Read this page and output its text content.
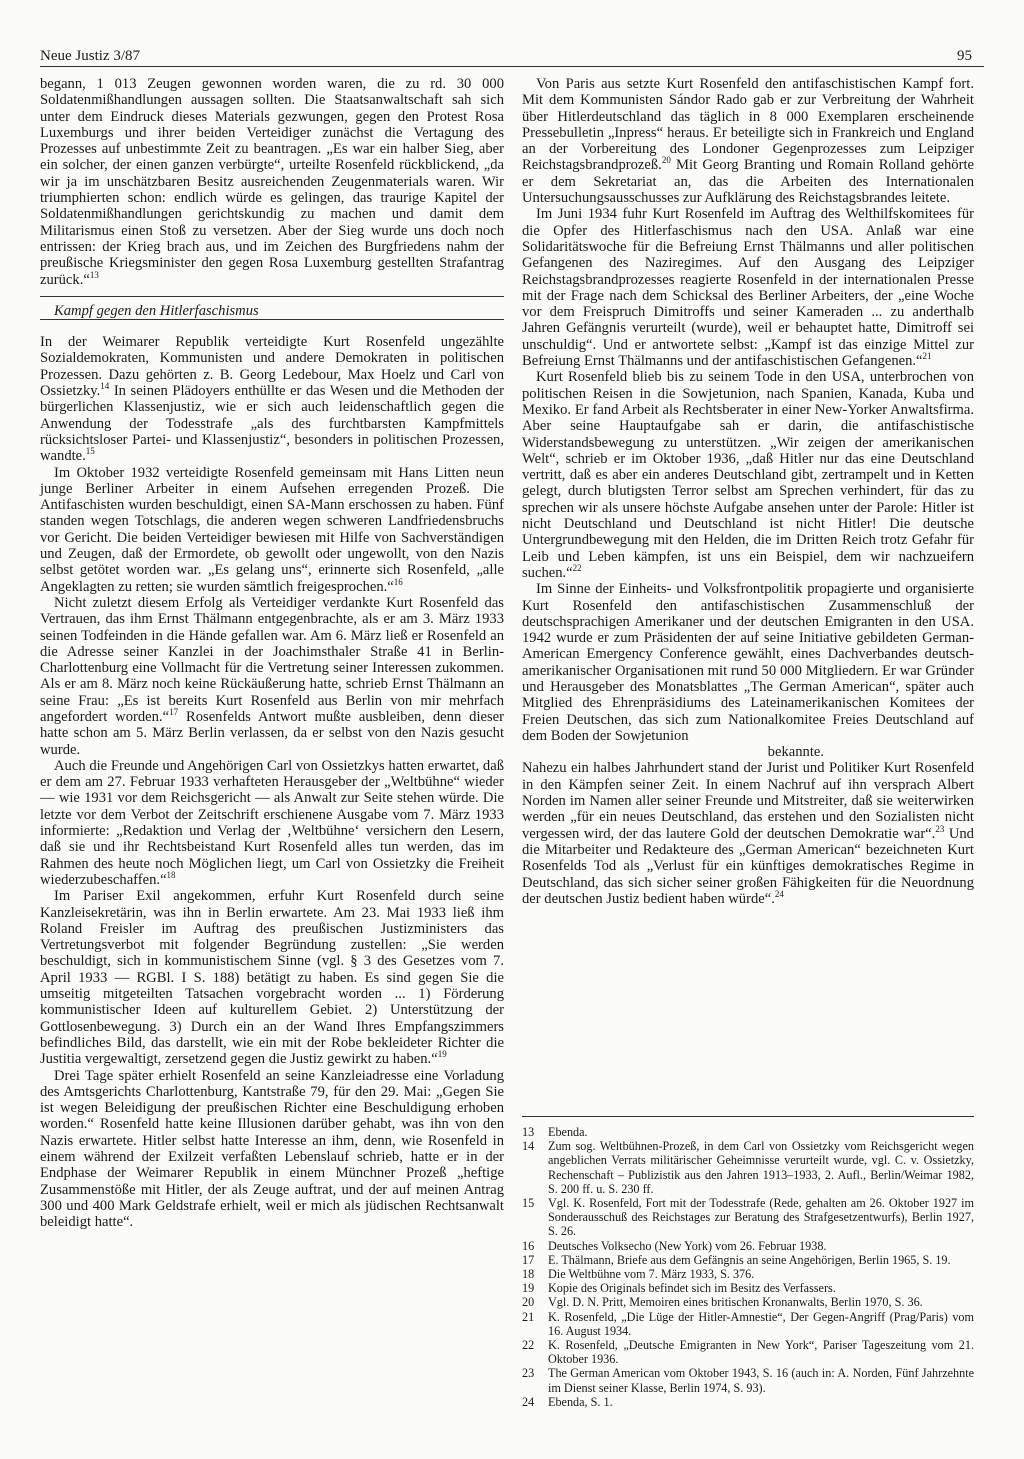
Neue Justiz 3/87	95

begann, 1 013 Zeugen gewonnen worden waren, die zu rd. 30 000 Soldatenmißhandlungen aussagen sollten. Die Staatsanwaltschaft sah sich unter dem Eindruck dieses Materials gezwungen, gegen den Protest Rosa Luxemburgs und ihrer beiden Verteidiger zunächst die Vertagung des Prozesses auf unbestimmte Zeit zu beantragen. „Es war ein halber Sieg, aber ein solcher, der einen ganzen verbürgte“, urteilte Rosenfeld rückblickend, „da wir ja im unschätzbaren Besitz ausreichenden Zeugenmaterials waren. Wir triumphierten schon: endlich würde es gelingen, das traurige Kapitel der Soldatenmißhandlungen gerichtskundig zu machen und damit dem Militarismus einen Stoß zu versetzen. Aber der Sieg wurde uns doch noch entrissen: der Krieg brach aus, und im Zeichen des Burgfriedens nahm der preußische Kriegsminister den gegen Rosa Luxemburg gestellten Strafantrag zurück.“$^{13}$

Kampf gegen den Hitlerfaschismus

In der Weimarer Republik verteidigte Kurt Rosenfeld ungezählte Sozialdemokraten, Kommunisten und andere Demokraten in politischen Prozessen. Dazu gehörten z. B. Georg Ledebour, Max Hoelz und Carl von Ossietzky.$^{14}$ In seinen Plädoyers enthüllte er das Wesen und die Methoden der bürgerlichen Klassenjustiz, wie er sich auch leidenschaftlich gegen die Anwendung der Todesstrafe „als des furchtbarsten Kampfmittels rücksichtsloser Partei- und Klassenjustiz“, besonders in politischen Prozessen, wandte.$^{15}$

Im Oktober 1932 verteidigte Rosenfeld gemeinsam mit Hans Litten neun junge Berliner Arbeiter in einem Aufsehen erregenden Prozeß. Die Antifaschisten wurden beschuldigt, einen SA-Mann erschossen zu haben. Fünf standen wegen Totschlags, die anderen wegen schweren Landfriedensbruchs vor Gericht. Die beiden Verteidiger bewiesen mit Hilfe von Sachverständigen und Zeugen, daß der Ermordete, ob gewollt oder ungewollt, von den Nazis selbst getötet worden war. „Es gelang uns“, erinnerte sich Rosenfeld, „alle Angeklagten zu retten; sie wurden sämtlich freigesprochen.“$^{16}$

Nicht zuletzt diesem Erfolg als Verteidiger verdankte Kurt Rosenfeld das Vertrauen, das ihm Ernst Thälmann entgegenbrachte, als er am 3. März 1933 seinen Todfeinden in die Hände gefallen war. Am 6. März ließ er Rosenfeld an die Adresse seiner Kanzlei in der Joachimsthaler Straße 41 in Berlin-Charlottenburg eine Vollmacht für die Vertretung seiner Interessen zukommen. Als er am 8. März noch keine Rückäußerung hatte, schrieb Ernst Thälmann an seine Frau: „Es ist bereits Kurt Rosenfeld aus Berlin von mir mehrfach angefordert worden.“$^{17}$ Rosenfelds Antwort mußte ausbleiben, denn dieser hatte schon am 5. März Berlin verlassen, da er selbst von den Nazis gesucht wurde.

Auch die Freunde und Angehörigen Carl von Ossietzkys hatten erwartet, daß er dem am 27. Februar 1933 verhafteten Herausgeber der „Weltbühne“ wieder — wie 1931 vor dem Reichsgericht — als Anwalt zur Seite stehen würde. Die letzte vor dem Verbot der Zeitschrift erschienene Ausgabe vom 7. März 1933 informierte: „Redaktion und Verlag der ‚Weltbühne‘ versichern den Lesern, daß sie und ihr Rechtsbeistand Kurt Rosenfeld alles tun werden, das im Rahmen des heute noch Möglichen liegt, um Carl von Ossietzky die Freiheit wiederzubeschaffen.“$^{18}$

Im Pariser Exil angekommen, erfuhr Kurt Rosenfeld durch seine Kanzleisekretärin, was ihn in Berlin erwartete. Am 23. Mai 1933 ließ ihm Roland Freisler im Auftrag des preußischen Justizministers das Vertretungsverbot mit folgender Begründung zustellen: „Sie werden beschuldigt, sich in kommunistischem Sinne (vgl. § 3 des Gesetzes vom 7. April 1933 — RGBl. I S. 188) betätigt zu haben. Es sind gegen Sie die umseitig mitgeteilten Tatsachen vorgebracht worden ... 1) Förderung kommunistischer Ideen auf kulturellem Gebiet. 2) Unterstützung der Gottlosenbewegung. 3) Durch ein an der Wand Ihres Empfangszimmers befindliches Bild, das darstellt, wie ein mit der Robe bekleideter Richter die Justitia vergewaltigt, zersetzend gegen die Justiz gewirkt zu haben.“$^{19}$

Drei Tage später erhielt Rosenfeld an seine Kanzleiadresse eine Vorladung des Amtsgerichts Charlottenburg, Kantstraße 79, für den 29. Mai: „Gegen Sie ist wegen Beleidigung der preußischen Richter eine Beschuldigung erhoben worden.“ Rosenfeld hatte keine Illusionen darüber gehabt, was ihn von den Nazis erwartete. Hitler selbst hatte Interesse an ihm, denn, wie Rosenfeld in einem während der Exilzeit verfaßten Lebenslauf schrieb, hatte er in der Endphase der Weimarer Republik in einem Münchner Prozeß „heftige Zusammenstöße mit Hitler, der als Zeuge auftrat, und der auf meinen Antrag 300 und 400 Mark Geldstrafe erhielt, weil er mich als jüdischen Rechtsanwalt beleidigt hatte“.

Von Paris aus setzte Kurt Rosenfeld den antifaschistischen Kampf fort. Mit dem Kommunisten Sándor Rado gab er zur Verbreitung der Wahrheit über Hitlerdeutschland das täglich in 8 000 Exemplaren erscheinende Pressebulletin „Inpress“ heraus. Er beteiligte sich in Frankreich und England an der Vorbereitung des Londoner Gegenprozesses zum Leipziger Reichstagsbrandprozeß.$^{20}$ Mit Georg Branting und Romain Rolland gehörte er dem Sekretariat an, das die Arbeiten des Internationalen Untersuchungsausschusses zur Aufklärung des Reichstagsbrandes leitete.

Im Juni 1934 fuhr Kurt Rosenfeld im Auftrag des Welthilfskomitees für die Opfer des Hitlerfaschismus nach den USA. Anlaß war eine Solidaritätswoche für die Befreiung Ernst Thälmanns und aller politischen Gefangenen des Naziregimes. Auf den Ausgang des Leipziger Reichstagsbrandprozesses reagierte Rosenfeld in der internationalen Presse mit der Frage nach dem Schicksal des Berliner Arbeiters, der „eine Woche vor dem Freispruch Dimitroffs und seiner Kameraden ... zu anderthalb Jahren Gefängnis verurteilt (wurde), weil er behauptet hatte, Dimitroff sei unschuldig“. Und er antwortete selbst: „Kampf ist das einzige Mittel zur Befreiung Ernst Thälmanns und der antifaschistischen Gefangenen.“$^{21}$

Kurt Rosenfeld blieb bis zu seinem Tode in den USA, unterbrochen von politischen Reisen in die Sowjetunion, nach Spanien, Kanada, Kuba und Mexiko. Er fand Arbeit als Rechtsberater in einer New-Yorker Anwaltsfirma. Aber seine Hauptaufgabe sah er darin, die antifaschistische Widerstandsbewegung zu unterstützen. „Wir zeigen der amerikanischen Welt“, schrieb er im Oktober 1936, „daß Hitler nur das eine Deutschland vertritt, daß es aber ein anderes Deutschland gibt, zertrampelt und in Ketten gelegt, durch blutigsten Terror selbst am Sprechen verhindert, für das zu sprechen wir als unsere höchste Aufgabe ansehen unter der Parole: Hitler ist nicht Deutschland und Deutschland ist nicht Hitler! Die deutsche Untergrundbewegung mit den Helden, die im Dritten Reich trotz Gefahr für Leib und Leben kämpfen, ist uns ein Beispiel, dem wir nachzueifern suchen.“$^{22}$

Im Sinne der Einheits- und Volksfrontpolitik propagierte und organisierte Kurt Rosenfeld den antifaschistischen Zusammenschluß der deutschsprachigen Amerikaner und der deutschen Emigranten in den USA. 1942 wurde er zum Präsidenten der auf seine Initiative gebildeten German-American Emergency Conference gewählt, eines Dachverbandes deutsch-amerikanischer Organisationen mit rund 50 000 Mitgliedern. Er war Gründer und Herausgeber des Monatsblattes „The German American“, später auch Mitglied des Ehrenpräsidiums des Lateinamerikanischen Komitees der Freien Deutschen, das sich zum Nationalkomitee Freies Deutschland auf dem Boden der Sowjetunion

bekannte.

Nahezu ein halbes Jahrhundert stand der Jurist und Politiker Kurt Rosenfeld in den Kämpfen seiner Zeit. In einem Nachruf auf ihn versprach Albert Norden im Namen aller seiner Freunde und Mitstreiter, daß sie weiterwirken werden „für ein neues Deutschland, das erstehen und den Sozialisten nicht vergessen wird, der das lautere Gold der deutschen Demokratie war“.$^{23}$ Und die Mitarbeiter und Redakteure des „German American“ bezeichneten Kurt Rosenfelds Tod als „Verlust für ein künftiges demokratisches Regime in Deutschland, das sich sicher seiner großen Fähigkeiten für die Neuordnung der deutschen Justiz bedient haben würde“.$^{24}$

13	Ebenda.

14	Zum sog. Weltbühnen-Prozeß, in dem Carl von Ossietzky vom Reichsgericht wegen angeblichen Verrats militärischer Geheimnisse verurteilt wurde, vgl. C. v. Ossietzky, Rechenschaft – Publizistik aus den Jahren 1913–1933, 2. Aufl., Berlin/Weimar 1982, S. 200 ff. u. S. 230 ff.

15	Vgl. K. Rosenfeld, Fort mit der Todesstrafe (Rede, gehalten am 26. Oktober 1927 im Sonderausschuß des Reichstages zur Beratung des Strafgesetzentwurfs), Berlin 1927, S. 26.

16	Deutsches Volksecho (New York) vom 26. Februar 1938.

17	E. Thälmann, Briefe aus dem Gefängnis an seine Angehörigen, Berlin 1965, S. 19.

18	Die Weltbühne vom 7. März 1933, S. 376.

19	Kopie des Originals befindet sich im Besitz des Verfassers.

20	Vgl. D. N. Pritt, Memoiren eines britischen Kronanwalts, Berlin 1970, S. 36.

21	K. Rosenfeld, „Die Lüge der Hitler-Amnestie“, Der Gegen-Angriff (Prag/Paris) vom 16. August 1934.

22	K. Rosenfeld, „Deutsche Emigranten in New York“, Pariser Tageszeitung vom 21. Oktober 1936.

23	The German American vom Oktober 1943, S. 16 (auch in: A. Norden, Fünf Jahrzehnte im Dienst seiner Klasse, Berlin 1974, S. 93).

24	Ebenda, S. 1.
